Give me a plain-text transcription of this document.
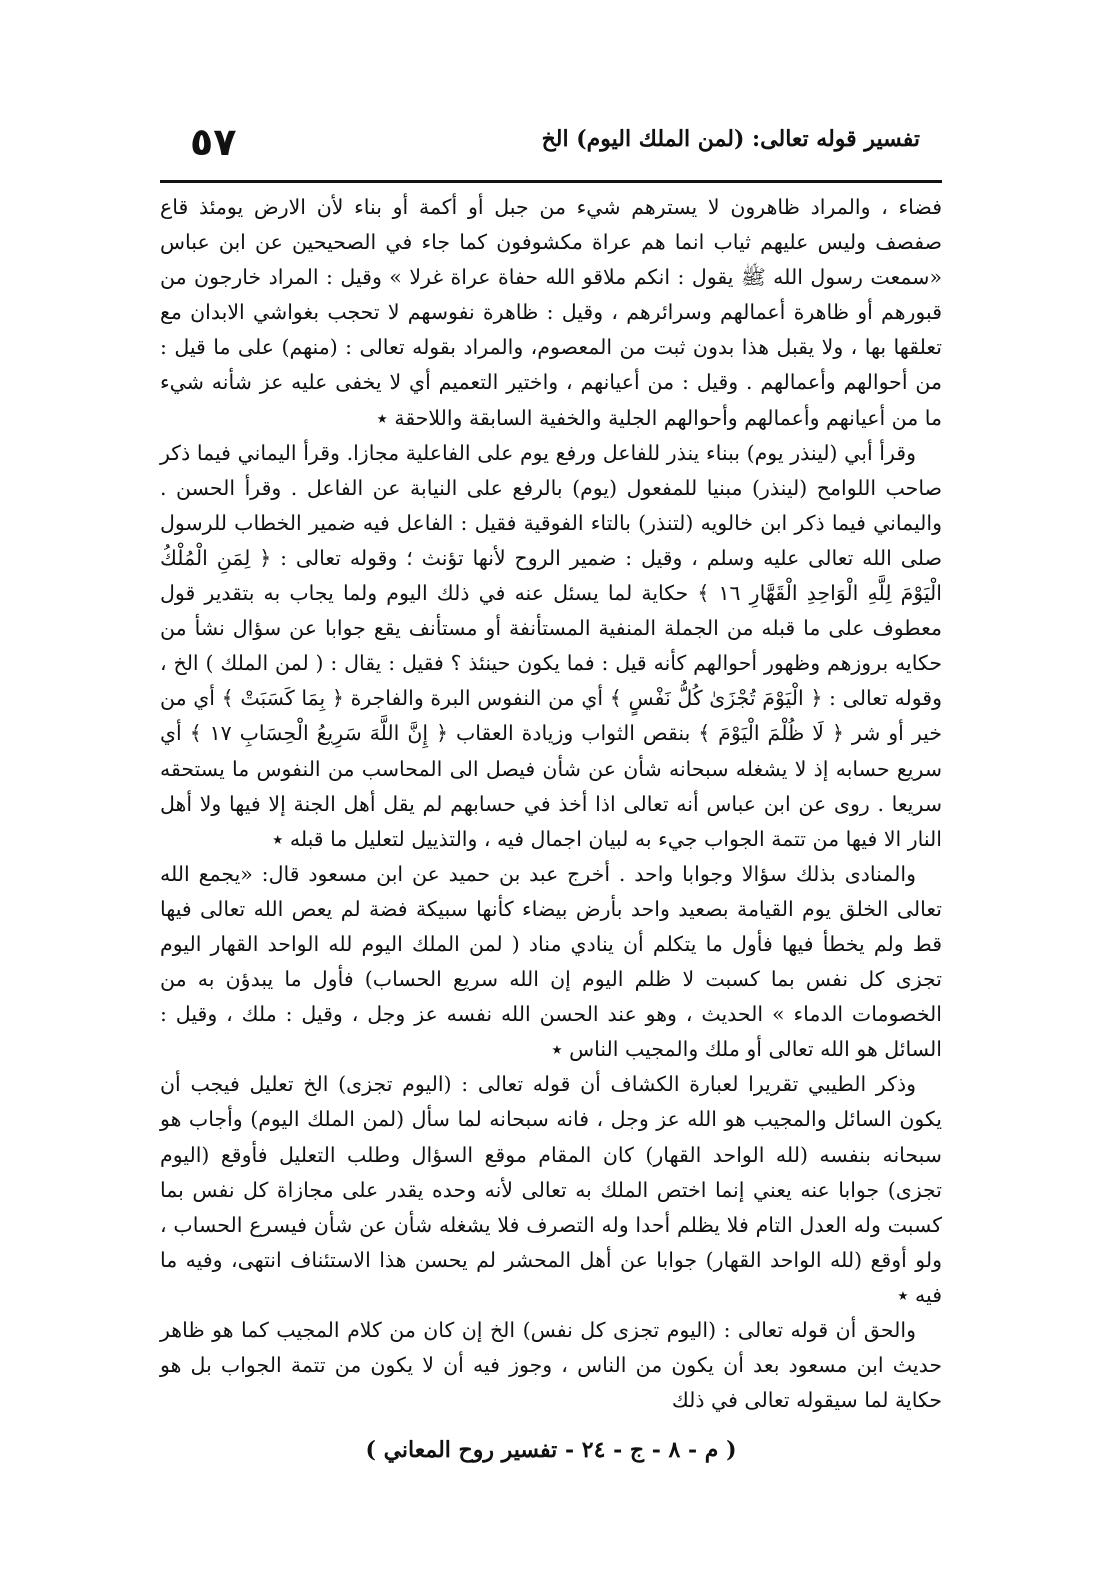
تفسير قوله تعالى: (لمن الملك اليوم) الخ
٥٧

فضاء ، والمراد ظاهرون لا يسترهم شيء من جبل أو أكمة أو بناء لأن الارض يومئذ قاع صفصف وليس عليهم ثياب انما هم عراة مكشوفون كما جاء في الصحيحين عن ابن عباس «سمعت رسول الله ﷺ يقول : انكم ملاقو الله حفاة عراة غرلا » وقيل : المراد خارجون من قبورهم أو ظاهرة أعمالهم وسرائرهم ، وقيل : ظاهرة نفوسهم لا تحجب بغواشي الابدان مع تعلقها بها ، ولا يقبل هذا بدون ثبت من المعصوم، والمراد بقوله تعالى : (منهم) على ما قيل : من أحوالهم وأعمالهم . وقيل : من أعيانهم ، واختير التعميم أي لا يخفى عليه عز شأنه شيء ما من أعيانهم وأعمالهم وأحوالهم الجلية والخفية السابقة واللاحقة ٭

وقرأ أبي (لينذر يوم) ببناء ينذر للفاعل ورفع يوم على الفاعلية مجازا. وقرأ اليماني فيما ذكر صاحب اللوامح (لينذر) مبنيا للمفعول (يوم) بالرفع على النيابة عن الفاعل . وقرأ الحسن . واليماني فيما ذكر ابن خالويه (لتنذر) بالتاء الفوقية فقيل : الفاعل فيه ضمير الخطاب للرسول صلى الله تعالى عليه وسلم ، وقيل : ضمير الروح لأنها تؤنث ؛ وقوله تعالى : ﴿ لِمَنِ الْمُلْكُ الْيَوْمَ لِلَّهِ الْوَاحِدِ الْقَهَّارِ ١٦ ﴾ حكاية لما يسئل عنه في ذلك اليوم ولما يجاب به بتقدير قول معطوف على ما قبله من الجملة المنفية المستأنفة أو مستأنف يقع جوابا عن سؤال نشأ من حكايه بروزهم وظهور أحوالهم كأنه قيل : فما يكون حينئذ ؟ فقيل : يقال : ( لمن الملك ) الخ ، وقوله تعالى : ﴿ الْيَوْمَ تُجْزَىٰ كُلُّ نَفْسٍ ﴾ أي من النفوس البرة والفاجرة ﴿ بِمَا كَسَبَتْ ﴾ أي من خير أو شر ﴿ لَا ظُلْمَ الْيَوْمَ ﴾ بنقص الثواب وزيادة العقاب ﴿ إِنَّ اللَّهَ سَرِيعُ الْحِسَابِ ١٧ ﴾ أي سريع حسابه إذ لا يشغله سبحانه شأن عن شأن فيصل الى المحاسب من النفوس ما يستحقه سريعا . روى عن ابن عباس أنه تعالى اذا أخذ في حسابهم لم يقل أهل الجنة إلا فيها ولا أهل النار الا فيها من تتمة الجواب جيء به لبيان اجمال فيه ، والتذييل لتعليل ما قبله ٭

والمنادى بذلك سؤالا وجوابا واحد . أخرج عبد بن حميد عن ابن مسعود قال: «يجمع الله تعالى الخلق يوم القيامة بصعيد واحد بأرض بيضاء كأنها سبيكة فضة لم يعص الله تعالى فيها قط ولم يخطأ فيها فأول ما يتكلم أن ينادي مناد ( لمن الملك اليوم لله الواحد القهار اليوم تجزى كل نفس بما كسبت لا ظلم اليوم إن الله سريع الحساب) فأول ما يبدؤن به من الخصومات الدماء » الحديث ، وهو عند الحسن الله نفسه عز وجل ، وقيل : ملك ، وقيل : السائل هو الله تعالى أو ملك والمجيب الناس ٭

وذكر الطيبي تقريرا لعبارة الكشاف أن قوله تعالى : (اليوم تجزى) الخ تعليل فيجب أن يكون السائل والمجيب هو الله عز وجل ، فانه سبحانه لما سأل (لمن الملك اليوم) وأجاب هو سبحانه بنفسه (لله الواحد القهار) كان المقام موقع السؤال وطلب التعليل فأوقع (اليوم تجزى) جوابا عنه يعني إنما اختص الملك به تعالى لأنه وحده يقدر على مجازاة كل نفس بما كسبت وله العدل التام فلا يظلم أحدا وله التصرف فلا يشغله شأن عن شأن فيسرع الحساب ، ولو أوقع (لله الواحد القهار) جوابا عن أهل المحشر لم يحسن هذا الاستئناف انتهى، وفيه ما فيه ٭

والحق أن قوله تعالى : (اليوم تجزى كل نفس) الخ إن كان من كلام المجيب كما هو ظاهر حديث ابن مسعود بعد أن يكون من الناس ، وجوز فيه أن لا يكون من تتمة الجواب بل هو حكاية لما سيقوله تعالى في ذلك

( م - ٨ - ج - ٢٤ - تفسير روح المعاني )
